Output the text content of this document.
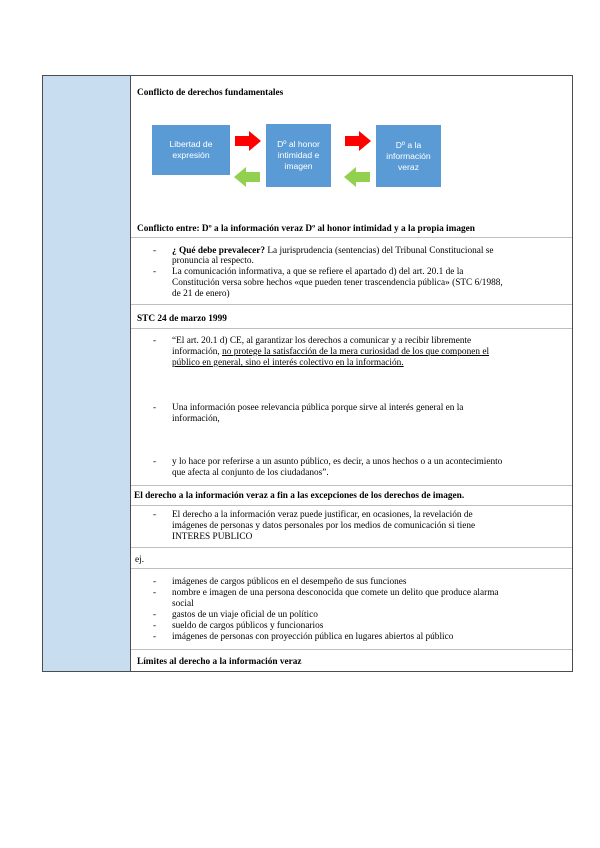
Conflicto de derechos fundamentales
Libertad de expresión
Dº al honor intimidad e imagen
Dº a la información veraz
Conflicto entre: Dº a la información veraz Dº al honor intimidad y a la propia imagen
- ¿ Qué debe prevalecer? La jurisprudencia (sentencias) del Tribunal Constitucional se
pronuncia al respecto.
- La comunicación informativa, a que se refiere el apartado d) del art. 20.1 de la
Constitución versa sobre hechos «que pueden tener trascendencia pública» (STC 6/1988,
de 21 de enero)
STC 24 de marzo 1999
- “El art. 20.1 d) CE, al garantizar los derechos a comunicar y a recibir libremente
información, no protege la satisfacción de la mera curiosidad de los que componen el
público en general, sino el interés colectivo en la información.
- Una información posee relevancia pública porque sirve al interés general en la
información,
- y lo hace por referirse a un asunto público, es decir, a unos hechos o a un acontecimiento
que afecta al conjunto de los ciudadanos”.
El derecho a la información veraz a fin a las excepciones de los derechos de imagen.
- El derecho a la información veraz puede justificar, en ocasiones, la revelación de
imágenes de personas y datos personales por los medios de comunicación si tiene
INTERES PUBLICO
ej.
- imágenes de cargos públicos en el desempeño de sus funciones
- nombre e imagen de una persona desconocida que comete un delito que produce alarma
social
- gastos de un viaje oficial de un político
- sueldo de cargos públicos y funcionarios
- imágenes de personas con proyección pública en lugares abiertos al público
Límites al derecho a la información veraz
